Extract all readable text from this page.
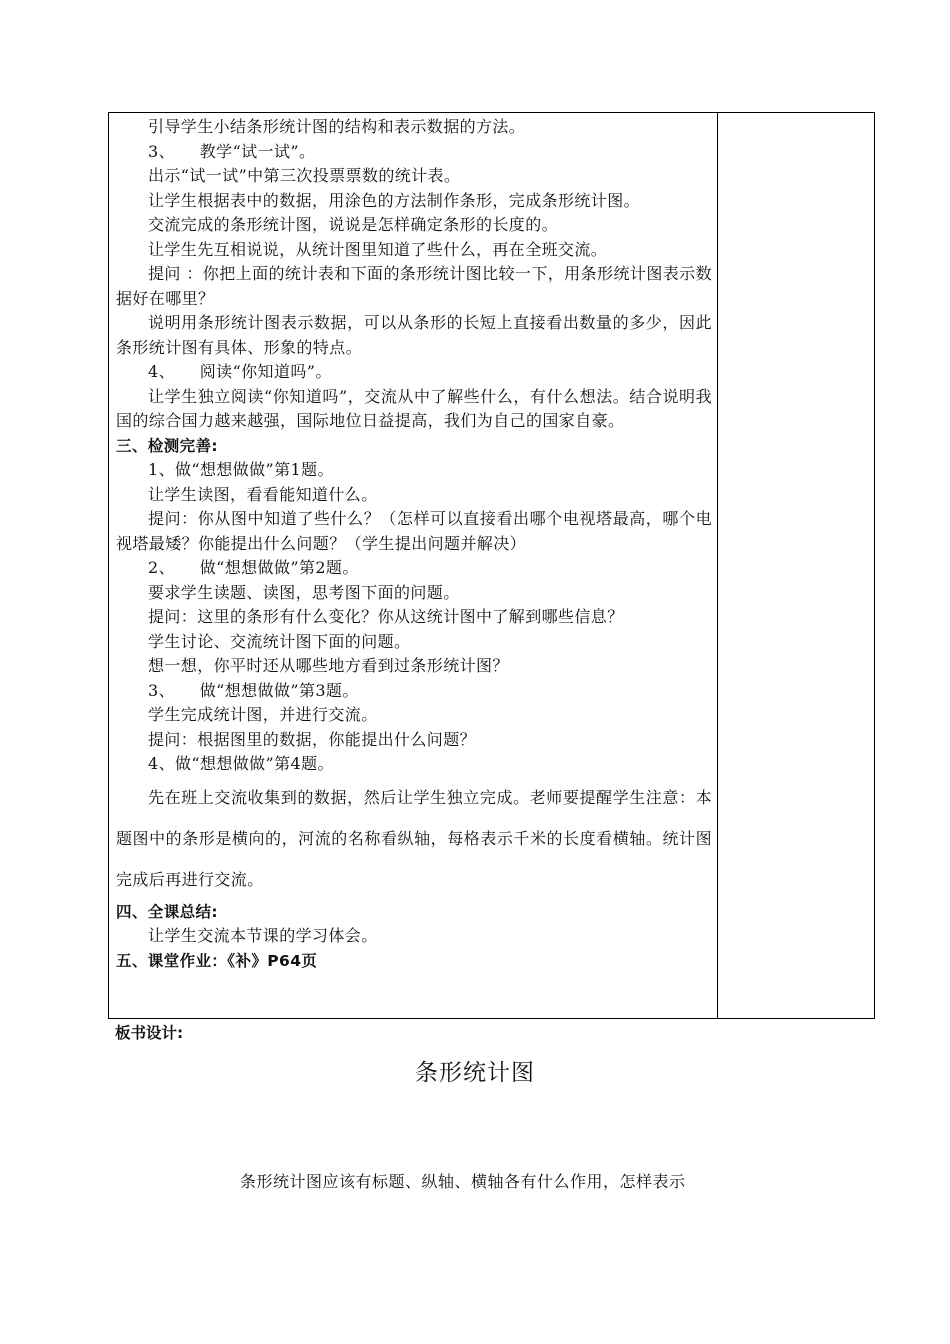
引导学生小结条形统计图的结构和表示数据的方法。

3、　　教学“试一试”。

出示“试一试”中第三次投票票数的统计表。

让学生根据表中的数据，用涂色的方法制作条形，完成条形统计图。

交流完成的条形统计图，说说是怎样确定条形的长度的。

让学生先互相说说，从统计图里知道了些什么，再在全班交流。

提问 ：你把上面的统计表和下面的条形统计图比较一下，用条形统计图表示数据好在哪里？

说明用条形统计图表示数据，可以从条形的长短上直接看出数量的多少，因此条形统计图有具体、形象的特点。

4、　　阅读“你知道吗”。

让学生独立阅读“你知道吗”，交流从中了解些什么，有什么想法。结合说明我国的综合国力越来越强，国际地位日益提高，我们为自己的国家自豪。

三、检测完善:

1、做“想想做做”第1题。

让学生读图，看看能知道什么。

提问：你从图中知道了些什么？（怎样可以直接看出哪个电视塔最高，哪个电视塔最矮？你能提出什么问题？（学生提出问题并解决）

2、　　做“想想做做”第2题。

要求学生读题、读图，思考图下面的问题。

提问：这里的条形有什么变化？你从这统计图中了解到哪些信息？

学生讨论、交流统计图下面的问题。

想一想，你平时还从哪些地方看到过条形统计图？

3、　　做“想想做做”第3题。

学生完成统计图，并进行交流。

提问：根据图里的数据，你能提出什么问题？

4、做“想想做做”第4题。

先在班上交流收集到的数据，然后让学生独立完成。老师要提醒学生注意：本题图中的条形是横向的，河流的名称看纵轴，每格表示千米的长度看横轴。统计图完成后再进行交流。

四、全课总结:

让学生交流本节课的学习体会。

五、课堂作业：《补》P64页

板书设计:
条形统计图
条形统计图应该有标题、纵轴、横轴各有什么作用，怎样表示
